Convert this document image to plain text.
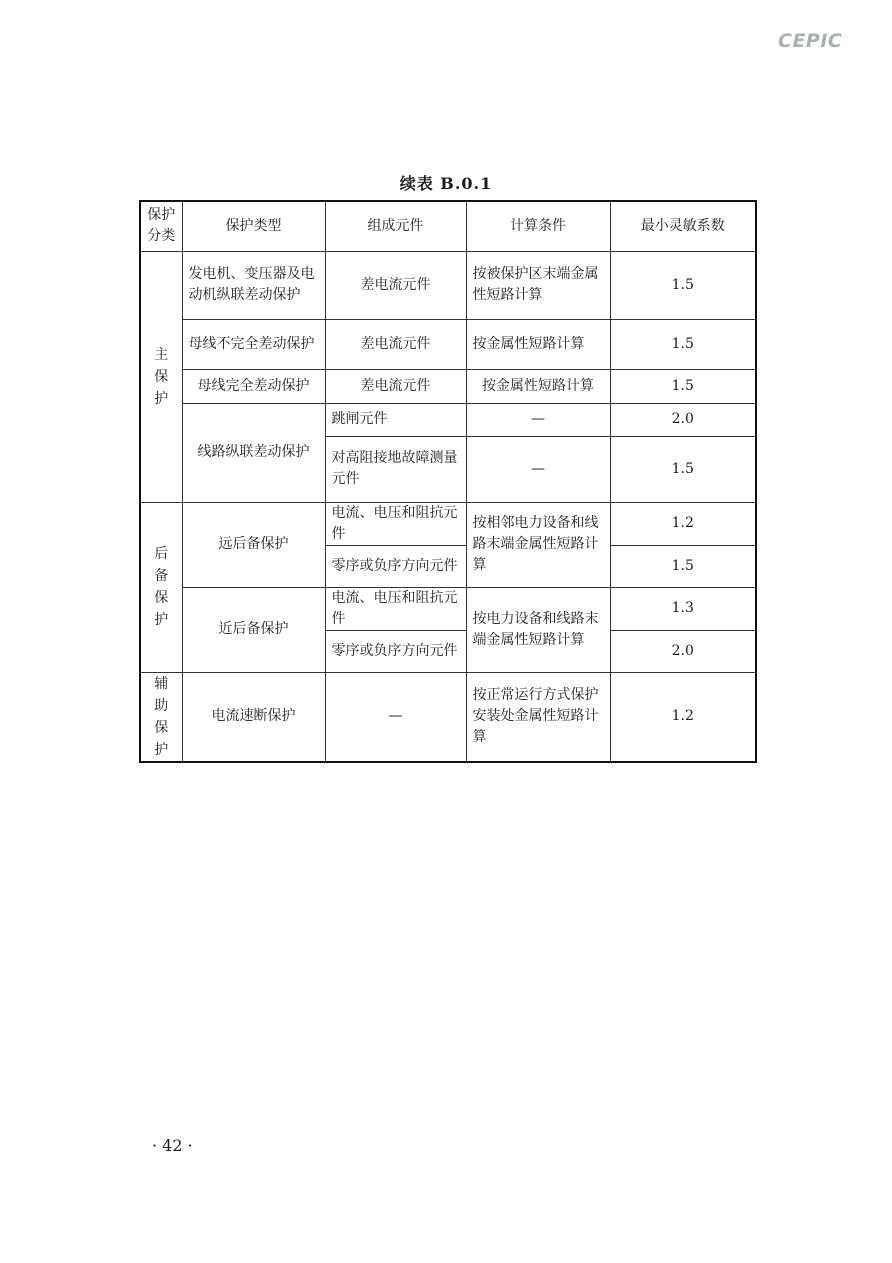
CEPIC
续表 B.0.1
保护分类	保护类型	组成元件	计算条件	最小灵敏系数

主保护	发电机、变压器及电动机纵联差动保护	差电流元件	按被保护区末端金属性短路计算	1.5
	母线不完全差动保护	差电流元件	按金属性短路计算	1.5
	母线完全差动保护	差电流元件	按金属性短路计算	1.5
	线路纵联差动保护	跳闸元件	—	2.0
		对高阻接地故障测量元件	—	1.5

后备保护	远后备保护	电流、电压和阻抗元件	按相邻电力设备和线路末端金属性短路计算	1.2
		零序或负序方向元件		1.5
	近后备保护	电流、电压和阻抗元件	按电力设备和线路末端金属性短路计算	1.3
		零序或负序方向元件		2.0

辅助保护	电流速断保护	—	按正常运行方式保护安装处金属性短路计算	1.2
· 42 ·
